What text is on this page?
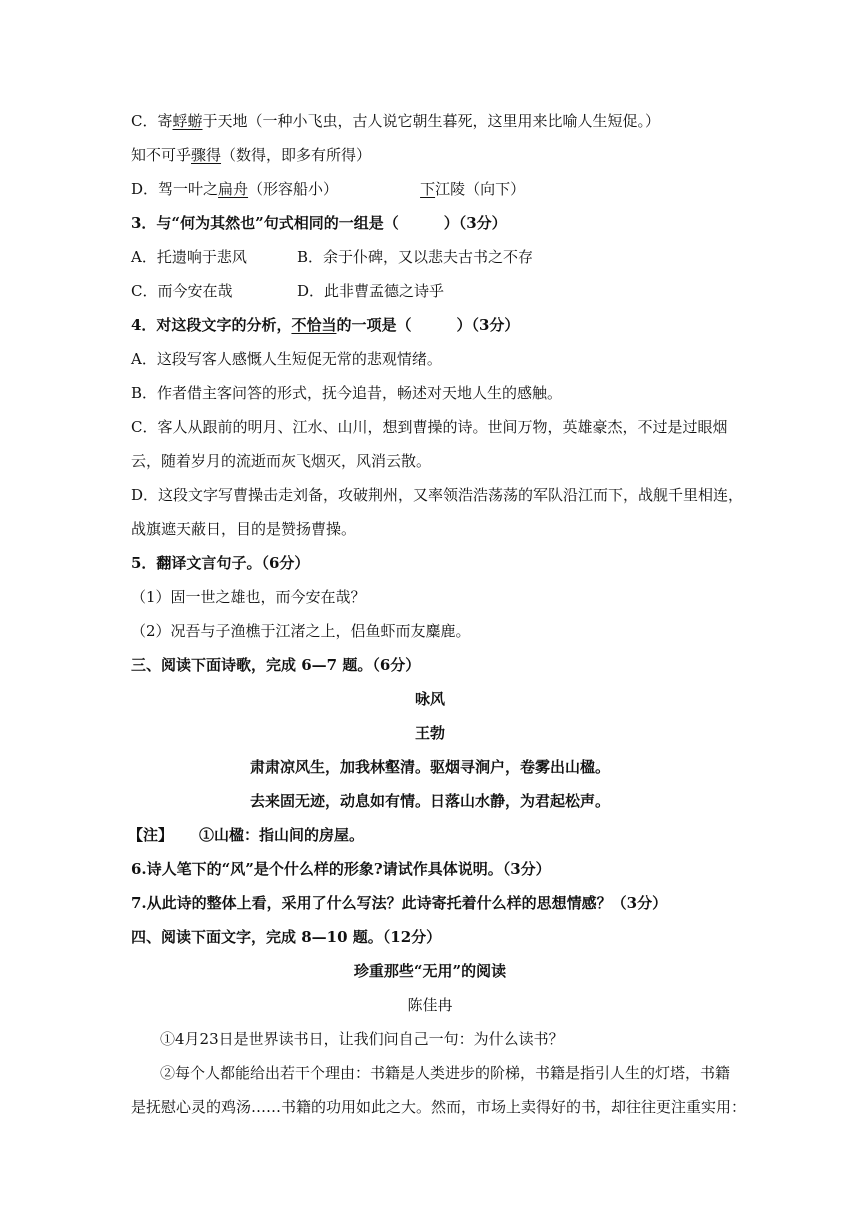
C．寄蜉蝣于天地（一种小飞虫，古人说它朝生暮死，这里用来比喻人生短促。）
知不可乎骤得（数得，即多有所得）
D．驾一叶之扁舟（形容船小）	下江陵（向下）
3．与“何为其然也”句式相同的一组是（　　　）（3分）
A．托遗响于悲风	B．余于仆碑，又以悲夫古书之不存
C．而今安在哉	D．此非曹孟德之诗乎
4．对这段文字的分析，不恰当的一项是（　　　）（3分）
A．这段写客人感慨人生短促无常的悲观情绪。
B．作者借主客问答的形式，抚今追昔，畅述对天地人生的感触。
C．客人从跟前的明月、江水、山川，想到曹操的诗。世间万物，英雄豪杰，不过是过眼烟
云，随着岁月的流逝而灰飞烟灭，风消云散。
D．这段文字写曹操击走刘备，攻破荆州，又率领浩浩荡荡的军队沿江而下，战舰千里相连，
战旗遮天蔽日，目的是赞扬曹操。
5．翻译文言句子。（6分）
（1）固一世之雄也，而今安在哉？
（2）况吾与子渔樵于江渚之上，侣鱼虾而友麋鹿。
三、阅读下面诗歌，完成 6—7 题。（6分）
咏风
王勃
肃肃凉风生，加我林壑清。驱烟寻涧户，卷雾出山楹。
去来固无迹，动息如有情。日落山水静，为君起松声。
【注】 ①山楹：指山间的房屋。
6.诗人笔下的“风”是个什么样的形象?请试作具体说明。（3分）
7.从此诗的整体上看，采用了什么写法？此诗寄托着什么样的思想情感？（3分）
四、阅读下面文字，完成 8—10 题。（12分）
珍重那些“无用”的阅读
陈佳冉
①4月23日是世界读书日，让我们问自己一句：为什么读书？
②每个人都能给出若干个理由：书籍是人类进步的阶梯，书籍是指引人生的灯塔，书籍
是抚慰心灵的鸡汤……书籍的功用如此之大。然而，市场上卖得好的书，却往往更注重实用：
